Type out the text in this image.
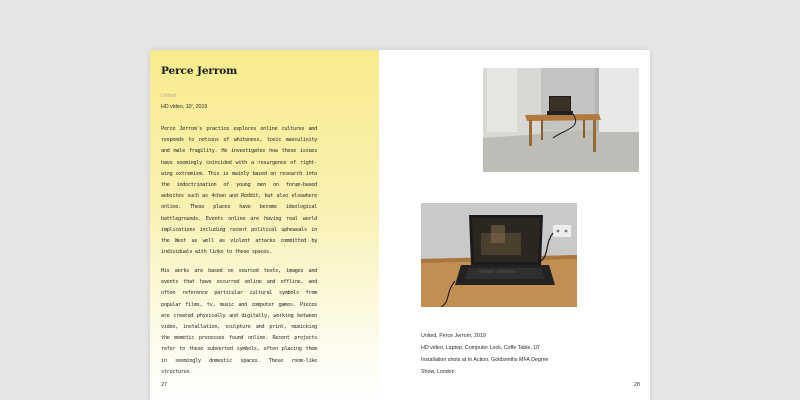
Perce Jerrom
United
HD video, 10', 2019
Perce Jerrom's practice explores online cultures and responds to notions of whiteness, toxic masculinity and male fragility. He investigates how these issues have seemingly coincided with a resurgence of right-wing extremism. This is mainly based on research into the indoctrination of young men on forum-based websites such as 4chan and Reddit, but also elsewhere online. These places have become ideological battlegrounds. Events online are having real world implications including recent political upheavals in the West as well as violent attacks committed by individuals with links to these spaces.
His works are based on sourced texts, images and events that have occurred online and offline, and often reference particular cultural symbols from popular films, tv, music and computer games. Pieces are created physically and digitally, working between video, installation, sculpture and print, mimicking the memetic processes found online. Recent projects refer to these subverted symbols, often placing them in seemingly domestic spaces. These room-like structures
27
United, Perce Jerrom, 2019
HD video, Laptop, Computer Lock, Coffe Table, 10'
Installation shots at In Action, Goldsmiths MFA Degree
Show, London
28
